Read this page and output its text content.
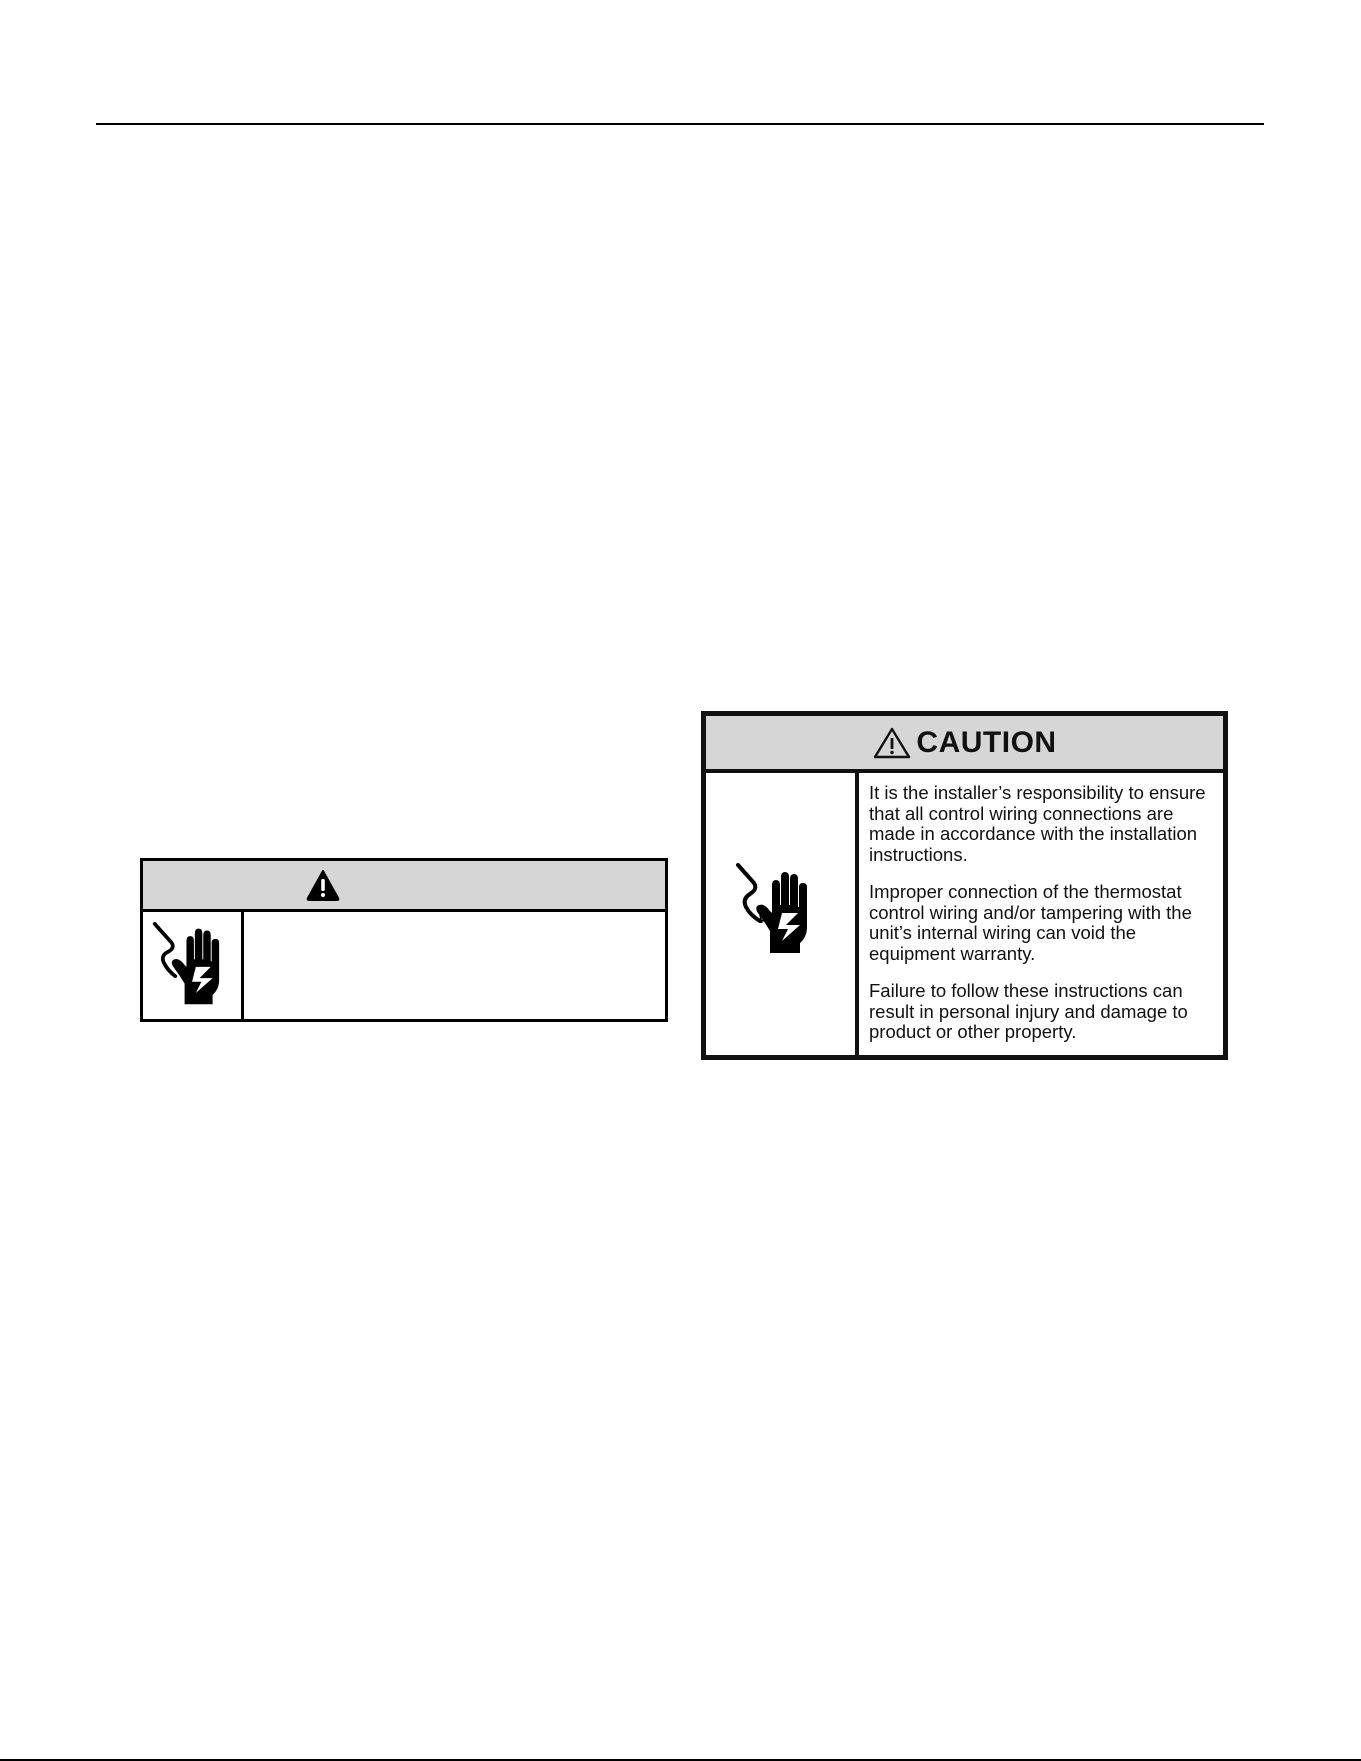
CAUTION

It is the installer’s responsibility to ensure that all control wiring connections are made in accordance with the installation instructions.

Improper connection of the thermostat control wiring and/or tampering with the unit’s internal wiring can void the equipment warranty.

Failure to follow these instructions can result in personal injury and damage to product or other property.
